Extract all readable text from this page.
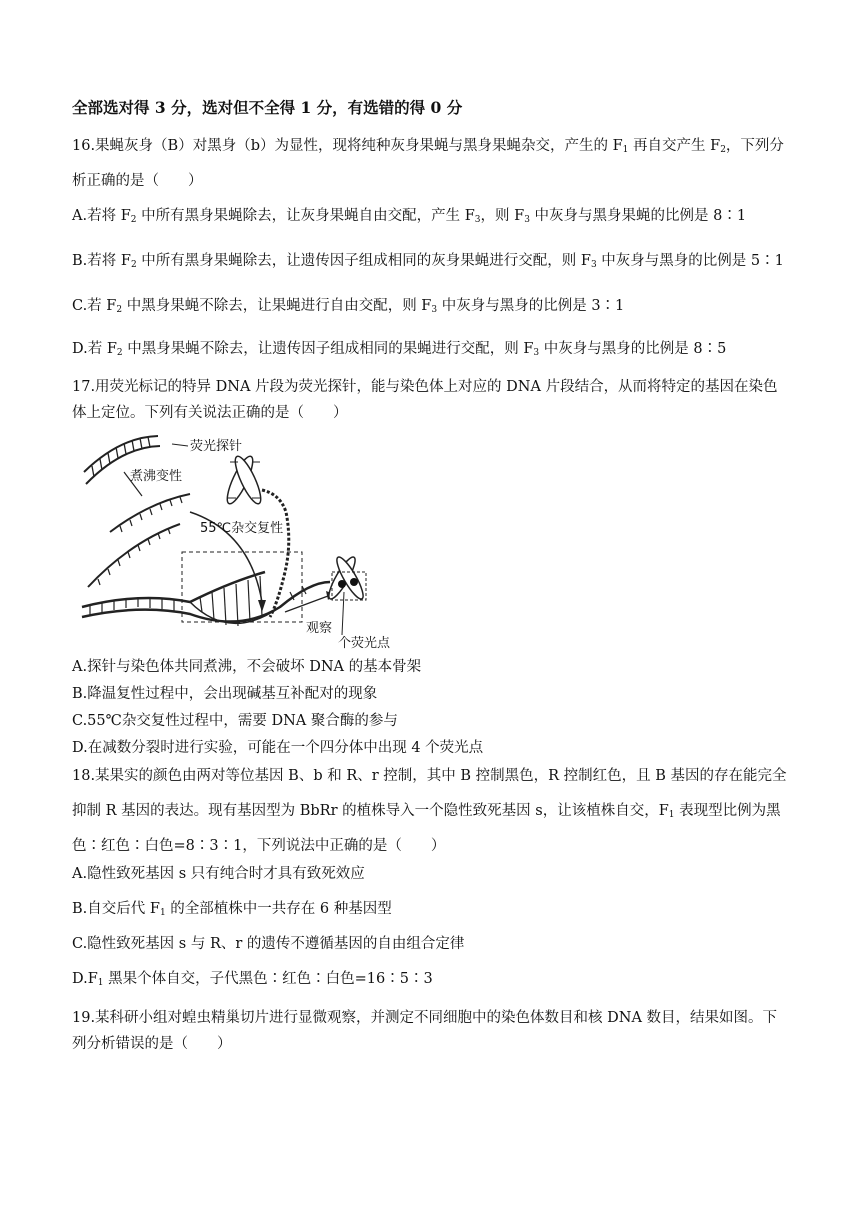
全部选对得 3 分，选对但不全得 1 分，有选错的得 0 分
16.果蝇灰身（B）对黑身（b）为显性，现将纯种灰身果蝇与黑身果蝇杂交，产生的 $F_1$ 再自交产生 $F_2$，下列分
析正确的是（　　）
A.若将 $F_2$ 中所有黑身果蝇除去，让灰身果蝇自由交配，产生 $F_3$，则 $F_3$ 中灰身与黑身果蝇的比例是 8∶1
B.若将 $F_2$ 中所有黑身果蝇除去，让遗传因子组成相同的灰身果蝇进行交配，则 $F_3$ 中灰身与黑身的比例是 5∶1
C.若 $F_2$ 中黑身果蝇不除去，让果蝇进行自由交配，则 $F_3$ 中灰身与黑身的比例是 3∶1
D.若 $F_2$ 中黑身果蝇不除去，让遗传因子组成相同的果蝇进行交配，则 $F_3$ 中灰身与黑身的比例是 8∶5
17.用荧光标记的特异 DNA 片段为荧光探针，能与染色体上对应的 DNA 片段结合，从而将特定的基因在染色
体上定位。下列有关说法正确的是（　　）
荧光探针
煮沸变性
55℃杂交复性
观察
个荧光点
A.探针与染色体共同煮沸，不会破坏 DNA 的基本骨架
B.降温复性过程中，会出现碱基互补配对的现象
C.55℃杂交复性过程中，需要 DNA 聚合酶的参与
D.在减数分裂时进行实验，可能在一个四分体中出现 4 个荧光点
18.某果实的颜色由两对等位基因 B、b 和 R、r 控制，其中 B 控制黑色，R 控制红色，且 B 基因的存在能完全
抑制 R 基因的表达。现有基因型为 BbRr 的植株导入一个隐性致死基因 s，让该植株自交，$F_1$ 表现型比例为黑
色∶红色∶白色=8∶3∶1，下列说法中正确的是（　　）
A.隐性致死基因 s 只有纯合时才具有致死效应
B.自交后代 $F_1$ 的全部植株中一共存在 6 种基因型
C.隐性致死基因 s 与 R、r 的遗传不遵循基因的自由组合定律
$D.F_1$ 黑果个体自交，子代黑色∶红色∶白色=16∶5∶3
19.某科研小组对蝗虫精巢切片进行显微观察，并测定不同细胞中的染色体数目和核 DNA 数目，结果如图。下
列分析错误的是（　　）
